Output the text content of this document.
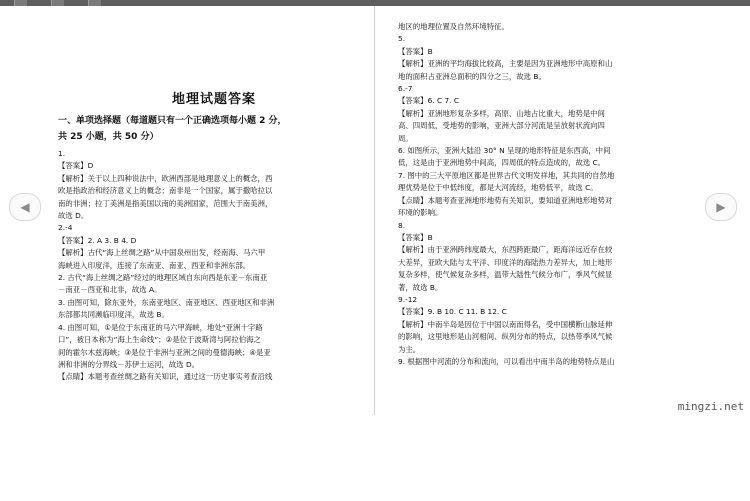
地理试题答案
一、单项选择题（每道题只有一个正确选项每小题 2 分，
共 25 小题，共 50 分）
1.
【答案】D
【解析】关于以上四种说法中，欧洲西部是地理意义上的概念，西
欧是指政治和经济意义上的概念；南非是一个国家，属于撒哈拉以
南的非洲；拉丁美洲是指美国以南的美洲国家，范围大于南美洲，
故选 D。
2.-4
【答案】2. A 3. B 4. D
【解析】古代“海上丝绸之路”从中国泉州出发，经南海、马六甲
海峡进入印度洋，连接了东南亚、南亚、西亚和非洲东部。
2. 古代“海上丝绸之路”经过的地理区域自东向西是东亚－东南亚
－南亚－西亚和北非，故选 A。
3. 由图可知，除东亚外，东南亚地区、南亚地区、西亚地区和非洲
东部都共同濒临印度洋，故选 B。
4. 由图可知，①是位于东南亚的马六甲海峡，地处“亚洲十字路
口”，被日本称为“海上生命线”；②是位于波斯湾与阿拉伯海之
间的霍尔木兹海峡；③是位于非洲与亚洲之间的曼德海峡；④是亚
洲和非洲的分界线－苏伊士运河，故选 D。
【点睛】本题考查丝绸之路有关知识，通过这一历史事实考查沿线
地区的地理位置及自然环境特征。
5.
【答案】B
【解析】亚洲的平均海拔比较高，主要是因为亚洲地形中高原和山
地的面积占亚洲总面积的四分之三，故选 B。
6.-7
【答案】6. C 7. C
【解析】亚洲地形复杂多样，高原、山地占比重大，地势是中间
高、四周低，受地势的影响，亚洲大部分河流是呈放射状流向四
周。
6. 如图所示，亚洲大陆沿 30° N 呈现的地形特征是东西高，中间
低，这是由于亚洲地势中间高，四周低的特点造成的，故选 C。
7. 图中的三大平原地区都是世界古代文明发祥地，其共同的自然地
理优势是位于中低纬度，都是大河流经，地势低平，故选 C。
【点睛】本题考查亚洲地形地势有关知识，要知道亚洲地形地势对
环境的影响。
8.
【答案】B
【解析】由于亚洲跨纬度最大，东西跨距最广，距海洋远近存在较
大差异，亚欧大陆与太平洋、印度洋的海陆热力差异大，加上地形
复杂多样，使气候复杂多样，温带大陆性气候分布广，季风气候显
著，故选 B。
9.-12
【答案】9. B 10. C 11. B 12. C
【解析】中南半岛是因位于中国以南而得名，受中国横断山脉延伸
的影响，这里地形是山河相间、纵列分布的特点，以热带季风气候
为主。
9. 根据图中河流的分布和流向，可以看出中南半岛的地势特点是山
◀	▶
mingzi.net
